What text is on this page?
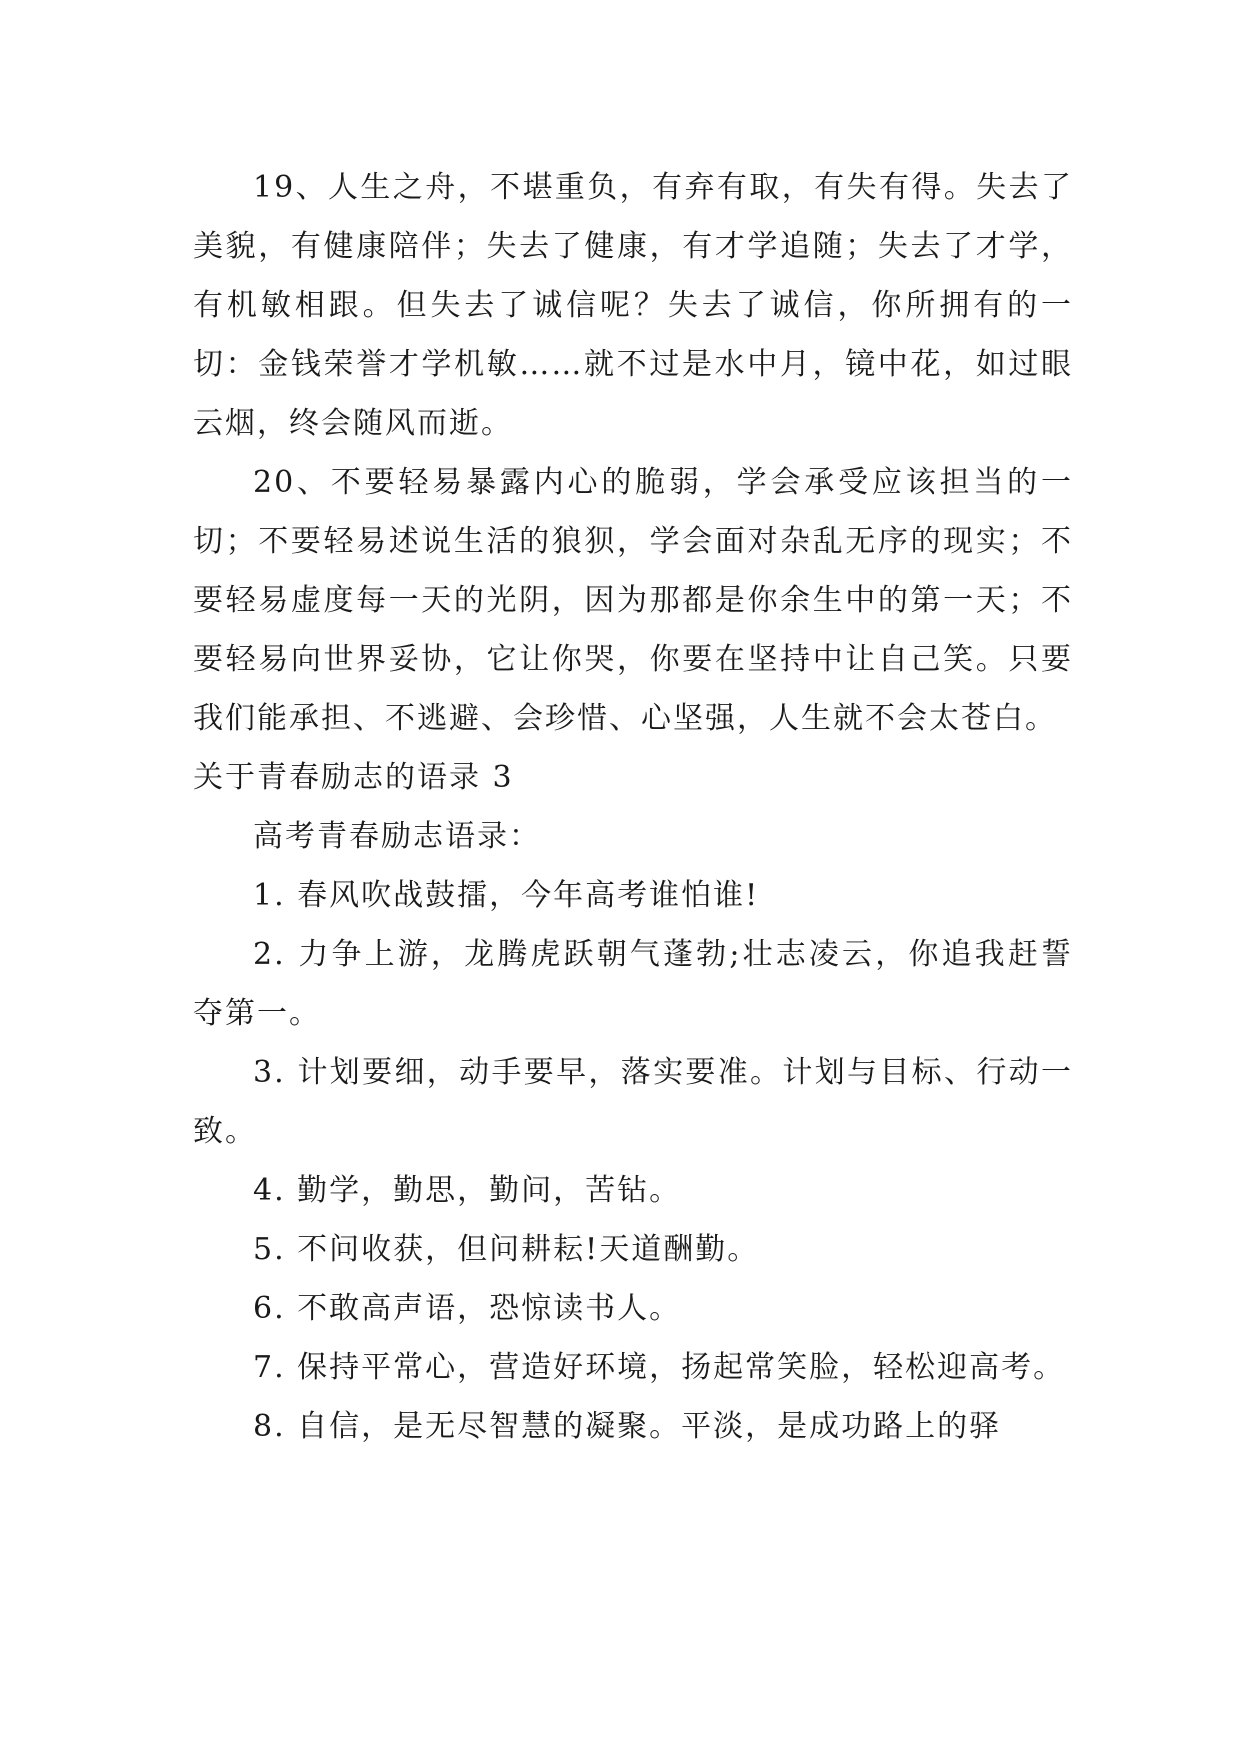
19、人生之舟，不堪重负，有弃有取，有失有得。失去了美貌，有健康陪伴；失去了健康，有才学追随；失去了才学，有机敏相跟。但失去了诚信呢？失去了诚信，你所拥有的一切：金钱荣誉才学机敏……就不过是水中月，镜中花，如过眼云烟，终会随风而逝。

20、不要轻易暴露内心的脆弱，学会承受应该担当的一切；不要轻易述说生活的狼狈，学会面对杂乱无序的现实；不要轻易虚度每一天的光阴，因为那都是你余生中的第一天；不要轻易向世界妥协，它让你哭，你要在坚持中让自己笑。只要我们能承担、不逃避、会珍惜、心坚强，人生就不会太苍白。

关于青春励志的语录 3

高考青春励志语录：

1. 春风吹战鼓擂，今年高考谁怕谁!

2. 力争上游，龙腾虎跃朝气蓬勃;壮志凌云，你追我赶誓夺第一。

3. 计划要细，动手要早，落实要准。计划与目标、行动一致。

4. 勤学，勤思，勤问，苦钻。

5. 不问收获，但问耕耘!天道酬勤。

6. 不敢高声语，恐惊读书人。

7. 保持平常心，营造好环境，扬起常笑脸，轻松迎高考。

8. 自信，是无尽智慧的凝聚。平淡，是成功路上的驿
